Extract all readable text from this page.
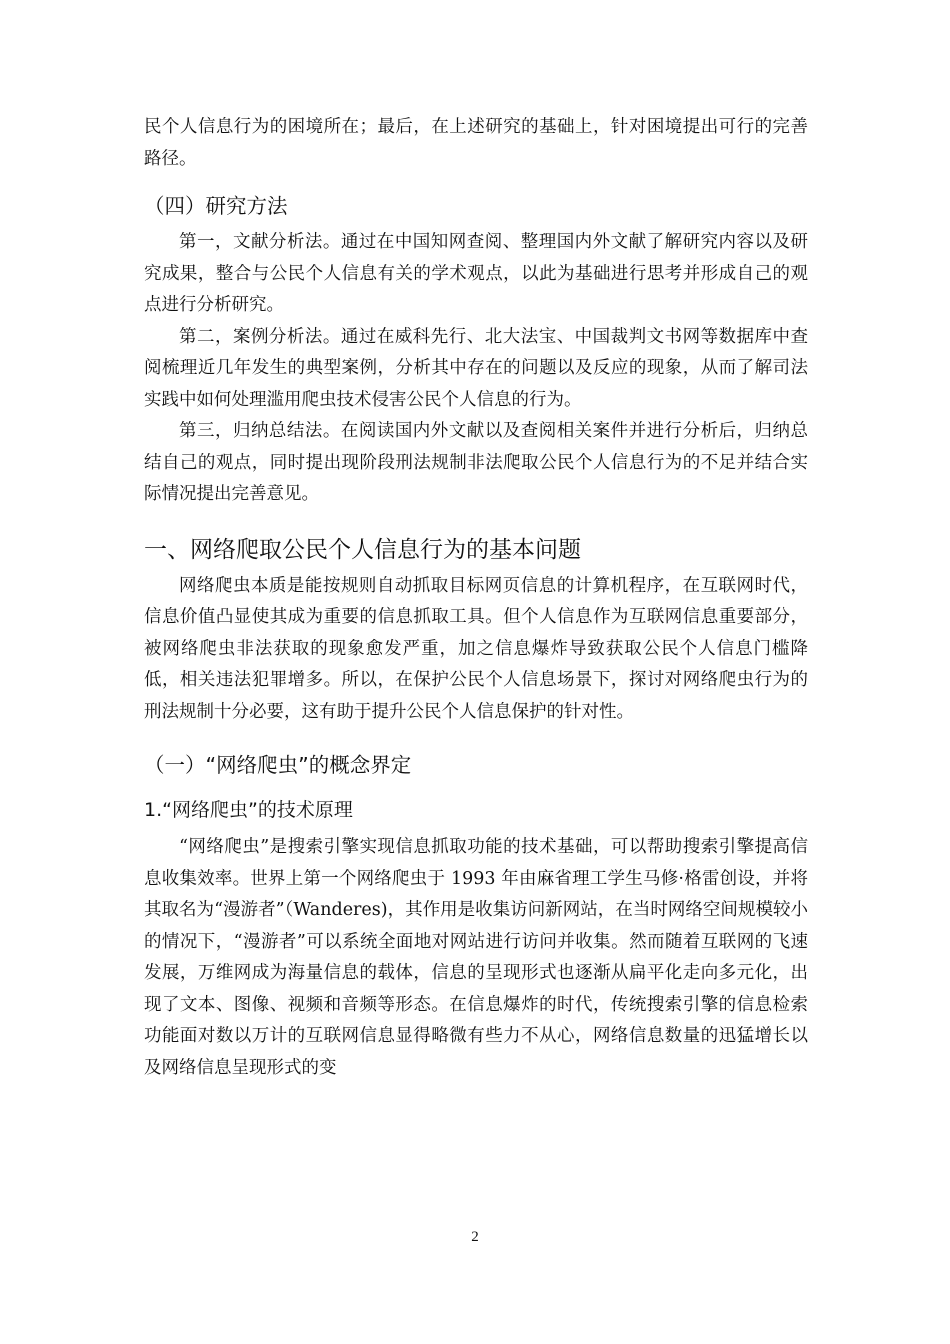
民个人信息行为的困境所在；最后，在上述研究的基础上，针对困境提出可行的完善路径。

（四）研究方法

第一，文献分析法。通过在中国知网查阅、整理国内外文献了解研究内容以及研究成果，整合与公民个人信息有关的学术观点，以此为基础进行思考并形成自己的观点进行分析研究。

第二，案例分析法。通过在威科先行、北大法宝、中国裁判文书网等数据库中查阅梳理近几年发生的典型案例，分析其中存在的问题以及反应的现象，从而了解司法实践中如何处理滥用爬虫技术侵害公民个人信息的行为。

第三，归纳总结法。在阅读国内外文献以及查阅相关案件并进行分析后，归纳总结自己的观点，同时提出现阶段刑法规制非法爬取公民个人信息行为的不足并结合实际情况提出完善意见。

一、网络爬取公民个人信息行为的基本问题

网络爬虫本质是能按规则自动抓取目标网页信息的计算机程序，在互联网时代，信息价值凸显使其成为重要的信息抓取工具。但个人信息作为互联网信息重要部分，被网络爬虫非法获取的现象愈发严重，加之信息爆炸导致获取公民个人信息门槛降低，相关违法犯罪增多。所以，在保护公民个人信息场景下，探讨对网络爬虫行为的刑法规制十分必要，这有助于提升公民个人信息保护的针对性。

（一）“网络爬虫”的概念界定
1.“网络爬虫”的技术原理

“网络爬虫”是搜索引擎实现信息抓取功能的技术基础，可以帮助搜索引擎提高信息收集效率。世界上第一个网络爬虫于 1993 年由麻省理工学生马修·格雷创设，并将其取名为“漫游者”（Wanderes)，其作用是收集访问新网站，在当时网络空间规模较小的情况下，“漫游者”可以系统全面地对网站进行访问并收集。然而随着互联网的飞速发展，万维网成为海量信息的载体，信息的呈现形式也逐渐从扁平化走向多元化，出现了文本、图像、视频和音频等形态。在信息爆炸的时代，传统搜索引擎的信息检索功能面对数以万计的互联网信息显得略微有些力不从心，网络信息数量的迅猛增长以及网络信息呈现形式的变

2
